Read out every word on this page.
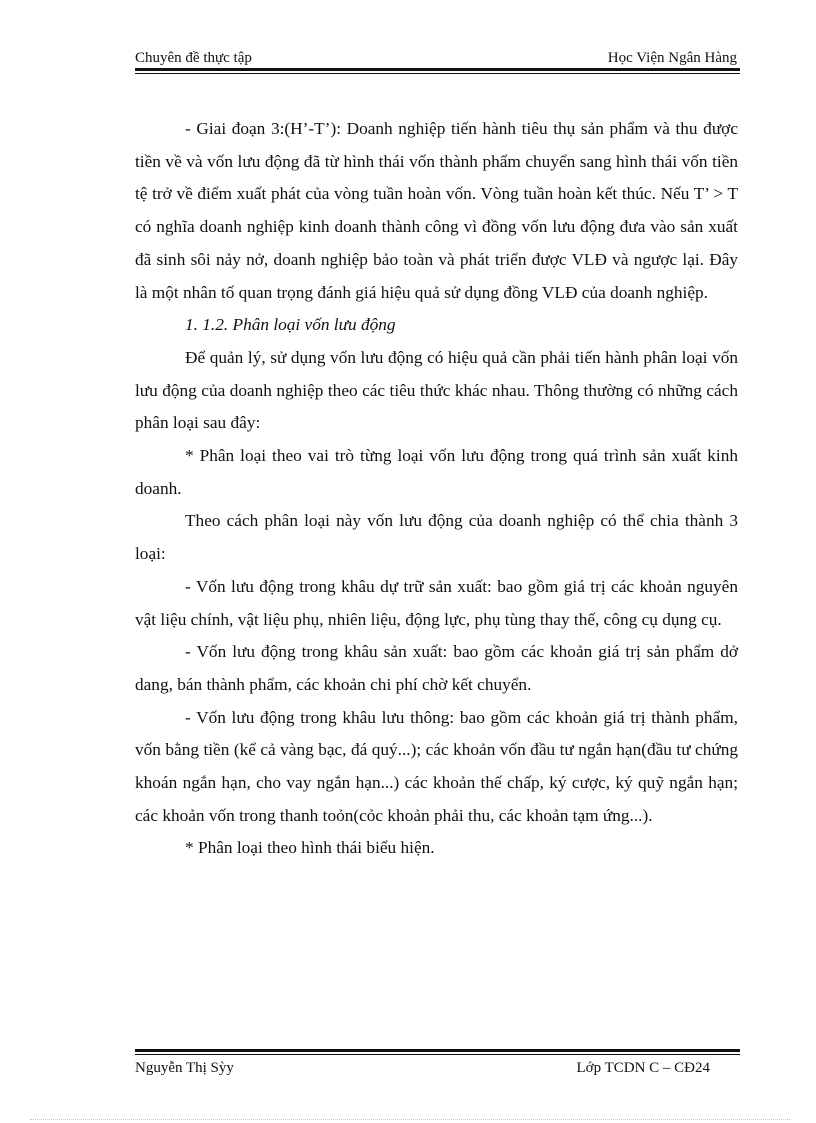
Chuyên đề thực tập	Học Viện Ngân Hàng

- Giai đoạn 3:(H’-T’): Doanh nghiệp tiến hành tiêu thụ sản phẩm và thu được tiền về và vốn lưu động đã từ hình thái vốn thành phẩm chuyển sang hình thái vốn tiền tệ trở về điểm xuất phát của vòng tuần hoàn vốn. Vòng tuần hoàn kết thúc. Nếu T’ > T có nghĩa doanh nghiệp kinh doanh thành công vì đồng vốn lưu động đưa vào sản xuất đã sinh sôi nảy nở, doanh nghiệp bảo toàn và phát triển được VLĐ và ngược lại. Đây là một nhân tố quan trọng đánh giá hiệu quả sử dụng đồng VLĐ của doanh nghiệp.

1. 1.2. Phân loại vốn lưu động

Để quản lý, sử dụng vốn lưu động có hiệu quả cần phải tiến hành phân loại vốn lưu động của doanh nghiệp theo các tiêu thức khác nhau. Thông thường có những cách phân loại sau đây:

* Phân loại theo vai trò từng loại vốn lưu động trong quá trình sản xuất kinh doanh.

Theo cách phân loại này vốn lưu động của doanh nghiệp có thể chia thành 3 loại:

- Vốn lưu động trong khâu dự trữ sản xuất: bao gồm giá trị các khoản nguyên vật liệu chính, vật liệu phụ, nhiên liệu, động lực, phụ tùng thay thế, công cụ dụng cụ.

- Vốn lưu động trong khâu sản xuất: bao gồm các khoản giá trị sản phẩm dở dang, bán thành phẩm, các khoản chi phí chờ kết chuyển.

- Vốn lưu động trong khâu lưu thông: bao gồm các khoản giá trị thành phẩm, vốn bằng tiền (kể cả vàng bạc, đá quý...); các khoản vốn đầu tư ngắn hạn(đầu tư chứng khoán ngắn hạn, cho vay ngắn hạn...) các khoản thế chấp, ký cược, ký quỹ ngắn hạn; các khoản vốn trong thanh toỏn(cỏc khoản phải thu, các khoản tạm ứng...).

* Phân loại theo hình thái biểu hiện.

Nguyễn Thị Sỳy	Lớp TCDN C – CĐ24
